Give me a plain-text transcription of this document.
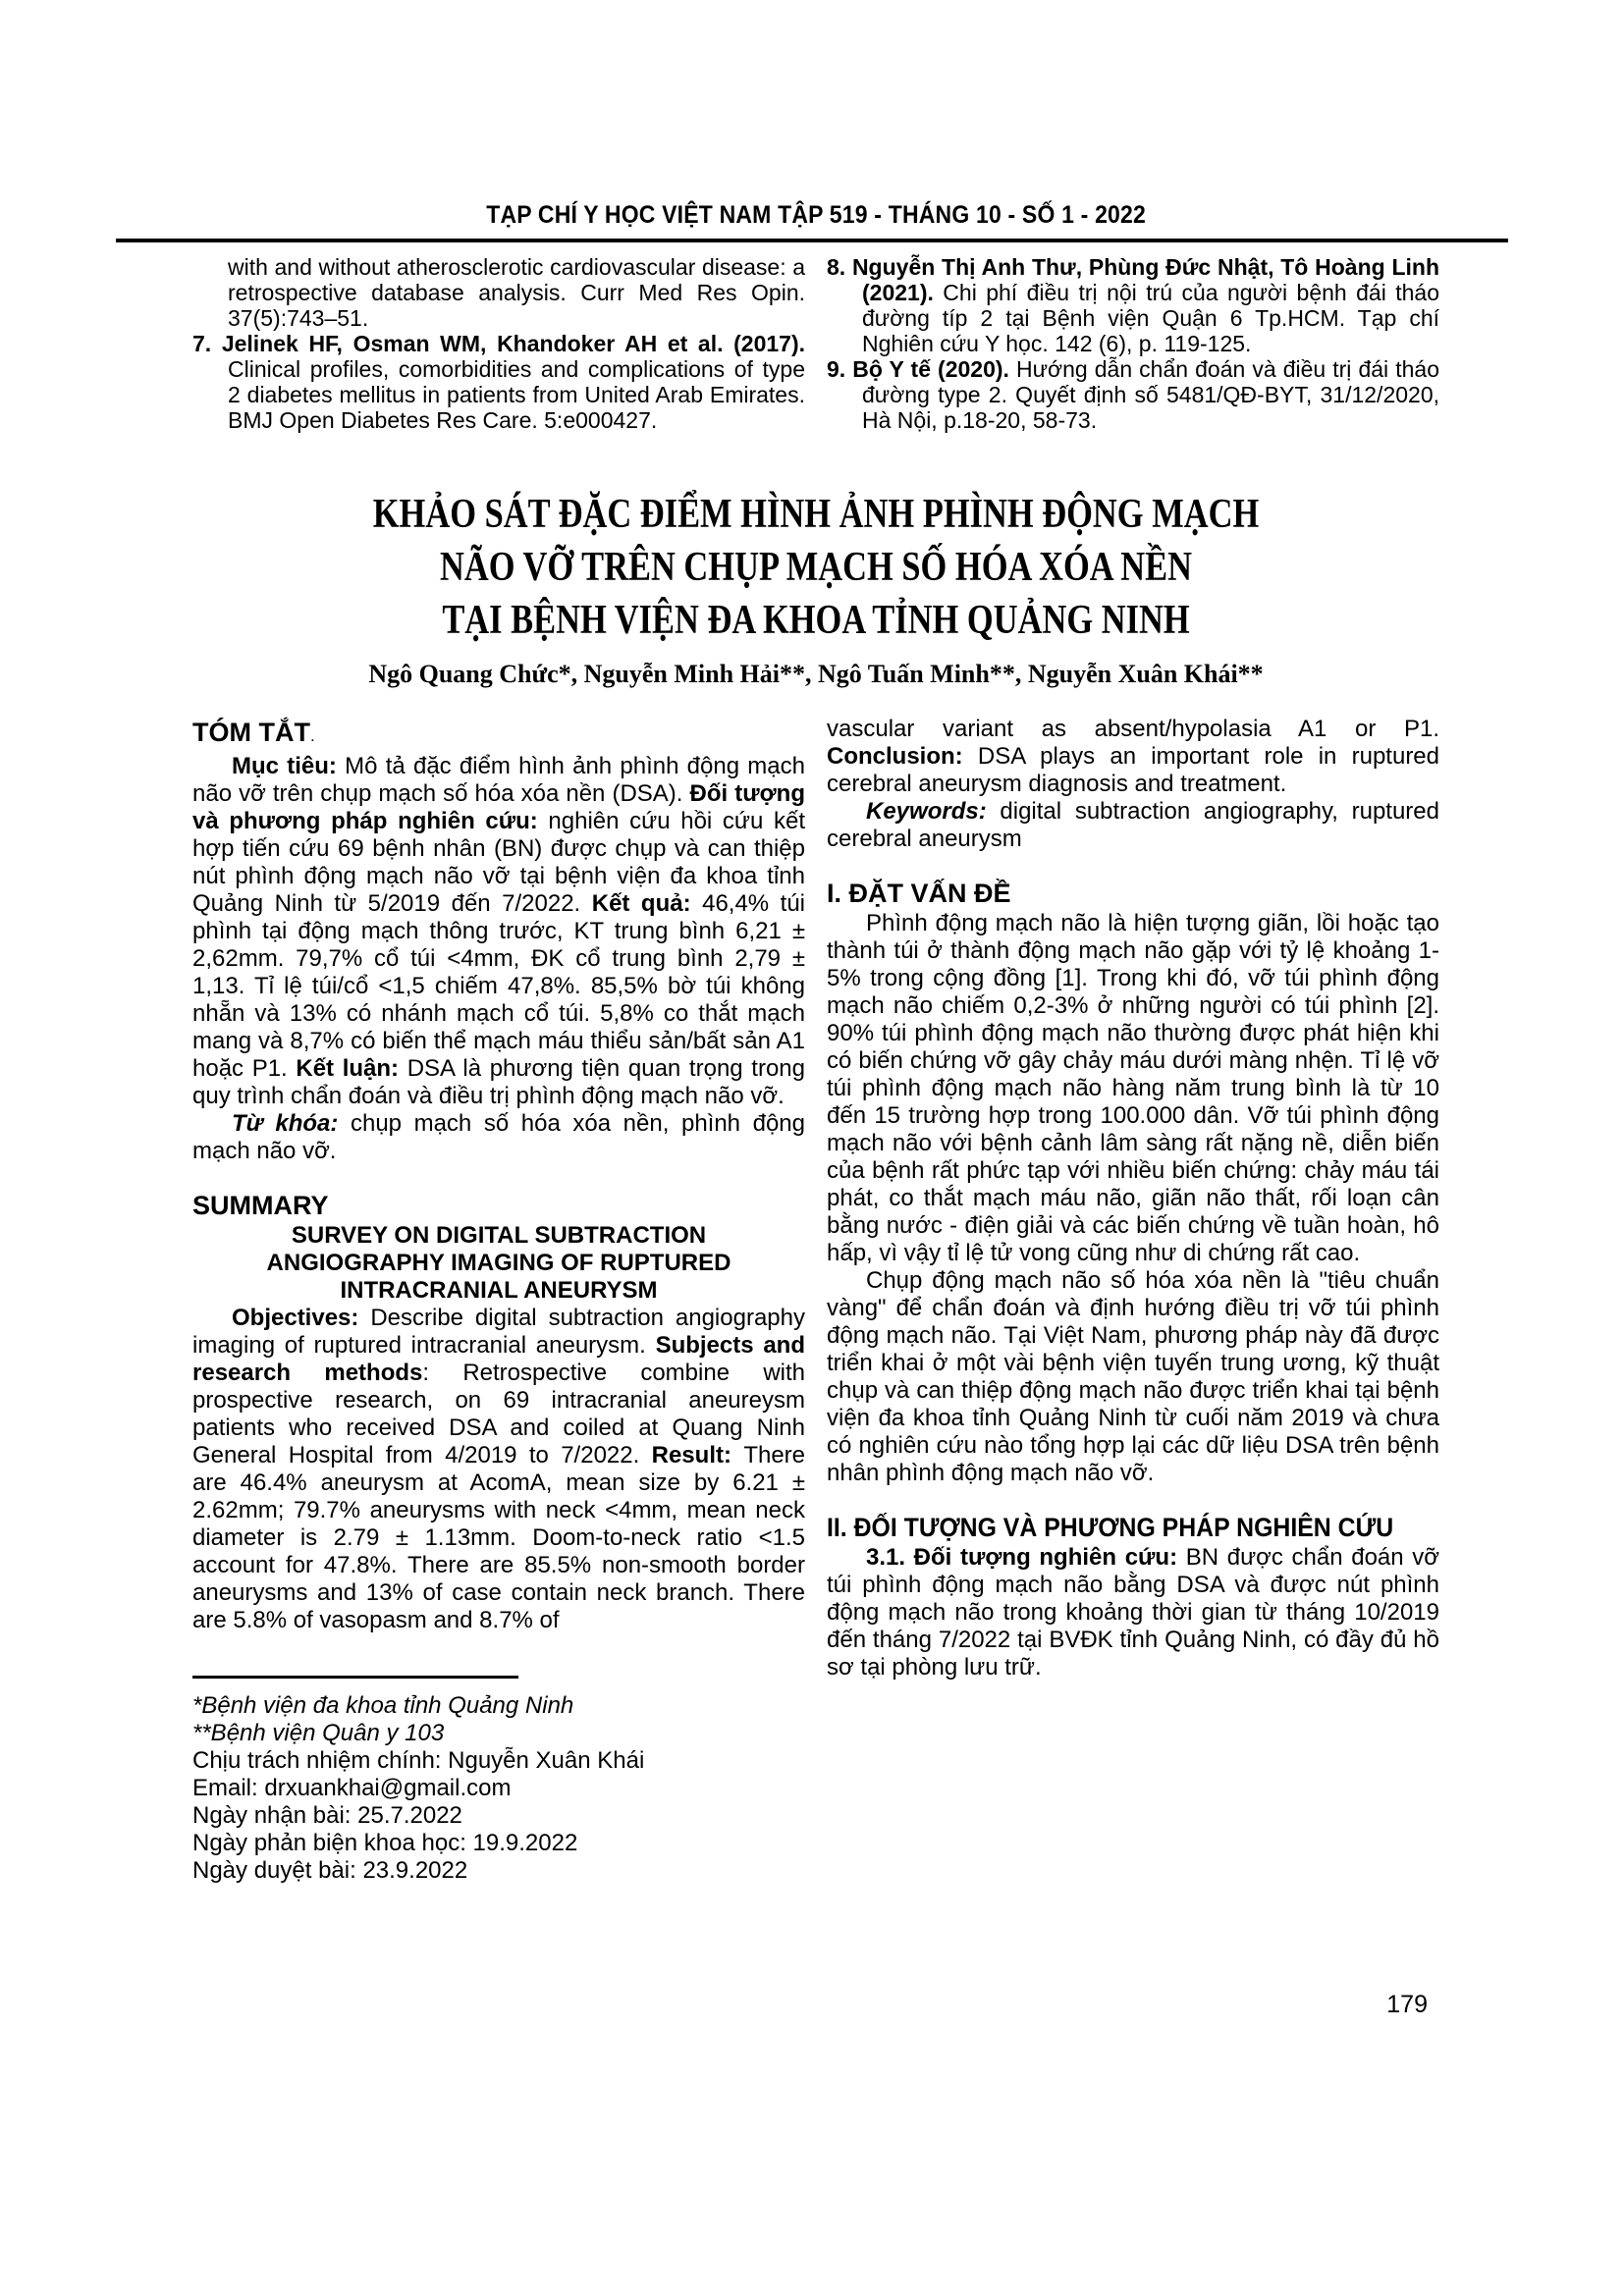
TẠP CHÍ Y HỌC VIỆT NAM TẬP 519 - THÁNG 10 - SỐ 1 - 2022

with and without atherosclerotic cardiovascular disease: a retrospective database analysis. Curr Med Res Opin. 37(5):743–51.

7. Jelinek HF, Osman WM, Khandoker AH et al. (2017). Clinical profiles, comorbidities and complications of type 2 diabetes mellitus in patients from United Arab Emirates. BMJ Open Diabetes Res Care. 5:e000427.

8. Nguyễn Thị Anh Thư, Phùng Đức Nhật, Tô Hoàng Linh (2021). Chi phí điều trị nội trú của người bệnh đái tháo đường típ 2 tại Bệnh viện Quận 6 Tp.HCM. Tạp chí Nghiên cứu Y học. 142 (6), p. 119-125.

9. Bộ Y tế (2020). Hướng dẫn chẩn đoán và điều trị đái tháo đường type 2. Quyết định số 5481/QĐ-BYT, 31/12/2020, Hà Nội, p.18-20, 58-73.

KHẢO SÁT ĐẶC ĐIỂM HÌNH ẢNH PHÌNH ĐỘNG MẠCH
NÃO VỠ TRÊN CHỤP MẠCH SỐ HÓA XÓA NỀN
TẠI BỆNH VIỆN ĐA KHOA TỈNH QUẢNG NINH
Ngô Quang Chức*, Nguyễn Minh Hải**, Ngô Tuấn Minh**, Nguyễn Xuân Khái**
TÓM TẮT.

Mục tiêu: Mô tả đặc điểm hình ảnh phình động mạch não vỡ trên chụp mạch số hóa xóa nền (DSA). Đối tượng và phương pháp nghiên cứu: nghiên cứu hồi cứu kết hợp tiến cứu 69 bệnh nhân (BN) được chụp và can thiệp nút phình động mạch não vỡ tại bệnh viện đa khoa tỉnh Quảng Ninh từ 5/2019 đến 7/2022. Kết quả: 46,4% túi phình tại động mạch thông trước, KT trung bình 6,21 ± 2,62mm. 79,7% cổ túi <4mm, ĐK cổ trung bình 2,79 ± 1,13. Tỉ lệ túi/cổ <1,5 chiếm 47,8%. 85,5% bờ túi không nhẵn và 13% có nhánh mạch cổ túi. 5,8% co thắt mạch mang và 8,7% có biến thể mạch máu thiểu sản/bất sản A1 hoặc P1. Kết luận: DSA là phương tiện quan trọng trong quy trình chẩn đoán và điều trị phình động mạch não vỡ.

Từ khóa: chụp mạch số hóa xóa nền, phình động mạch não vỡ.

SUMMARY

SURVEY ON DIGITAL SUBTRACTION
ANGIOGRAPHY IMAGING OF RUPTURED
INTRACRANIAL ANEURYSM

Objectives: Describe digital subtraction angiography imaging of ruptured intracranial aneurysm. Subjects and research methods: Retrospective combine with prospective research, on 69 intracranial aneureysm patients who received DSA and coiled at Quang Ninh General Hospital from 4/2019 to 7/2022. Result: There are 46.4% aneurysm at AcomA, mean size by 6.21 ± 2.62mm; 79.7% aneurysms with neck <4mm, mean neck diameter is 2.79 ± 1.13mm. Doom-to-neck ratio <1.5 account for 47.8%. There are 85.5% non-smooth border aneurysms and 13% of case contain neck branch. There are 5.8% of vasopasm and 8.7% of

*Bệnh viện đa khoa tỉnh Quảng Ninh

**Bệnh viện Quân y 103

Chịu trách nhiệm chính: Nguyễn Xuân Khái

Email: drxuankhai@gmail.com

Ngày nhận bài: 25.7.2022

Ngày phản biện khoa học: 19.9.2022

Ngày duyệt bài: 23.9.2022

vascular variant as absent/hypolasia A1 or P1. Conclusion: DSA plays an important role in ruptured cerebral aneurysm diagnosis and treatment.

Keywords: digital subtraction angiography, ruptured cerebral aneurysm

I. ĐẶT VẤN ĐỀ

Phình động mạch não là hiện tượng giãn, lồi hoặc tạo thành túi ở thành động mạch não gặp với tỷ lệ khoảng 1-5% trong cộng đồng [1]. Trong khi đó, vỡ túi phình động mạch não chiếm 0,2-3% ở những người có túi phình [2]. 90% túi phình động mạch não thường được phát hiện khi có biến chứng vỡ gây chảy máu dưới màng nhện. Tỉ lệ vỡ túi phình động mạch não hàng năm trung bình là từ 10 đến 15 trường hợp trong 100.000 dân. Vỡ túi phình động mạch não với bệnh cảnh lâm sàng rất nặng nề, diễn biến của bệnh rất phức tạp với nhiều biến chứng: chảy máu tái phát, co thắt mạch máu não, giãn não thất, rối loạn cân bằng nước - điện giải và các biến chứng về tuần hoàn, hô hấp, vì vậy tỉ lệ tử vong cũng như di chứng rất cao.

Chụp động mạch não số hóa xóa nền là "tiêu chuẩn vàng" để chẩn đoán và định hướng điều trị vỡ túi phình động mạch não. Tại Việt Nam, phương pháp này đã được triển khai ở một vài bệnh viện tuyến trung ương, kỹ thuật chụp và can thiệp động mạch não được triển khai tại bệnh viện đa khoa tỉnh Quảng Ninh từ cuối năm 2019 và chưa có nghiên cứu nào tổng hợp lại các dữ liệu DSA trên bệnh nhân phình động mạch não vỡ.

II. ĐỐI TƯỢNG VÀ PHƯƠNG PHÁP NGHIÊN CỨU

3.1. Đối tượng nghiên cứu: BN được chẩn đoán vỡ túi phình động mạch não bằng DSA và được nút phình động mạch não trong khoảng thời gian từ tháng 10/2019 đến tháng 7/2022 tại BVĐK tỉnh Quảng Ninh, có đầy đủ hồ sơ tại phòng lưu trữ.

179
